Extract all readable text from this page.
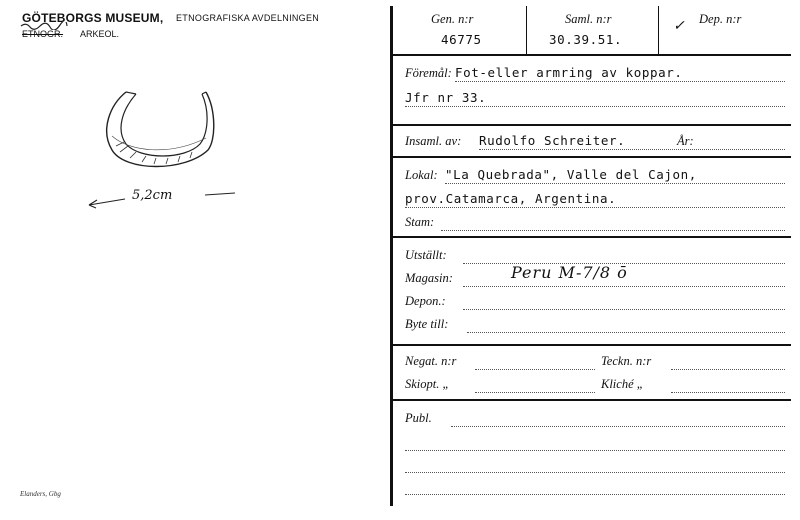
GÖTEBORGS MUSEUM, ETNOGRAFISKA AVDELNINGEN
ETNOGR. ARKEOL.
5,2cm
Elanders, Gbg
Gen. n:r
46775
Saml. n:r
30.39.51.
Dep. n:r
✓
Föremål: Fot-eller armring av koppar.
Jfr nr 33.
Insaml. av: Rudolfo Schreiter.	År:
Lokal: "La Quebrada", Valle del Cajon,
prov.Catamarca, Argentina.
Stam:
Utställt:
Magasin:	Peru M-7/8 ō
Depon.:
Byte till:
Negat. n:r	Teckn. n:r
Skiopt. „	Kliché „
Publ.
